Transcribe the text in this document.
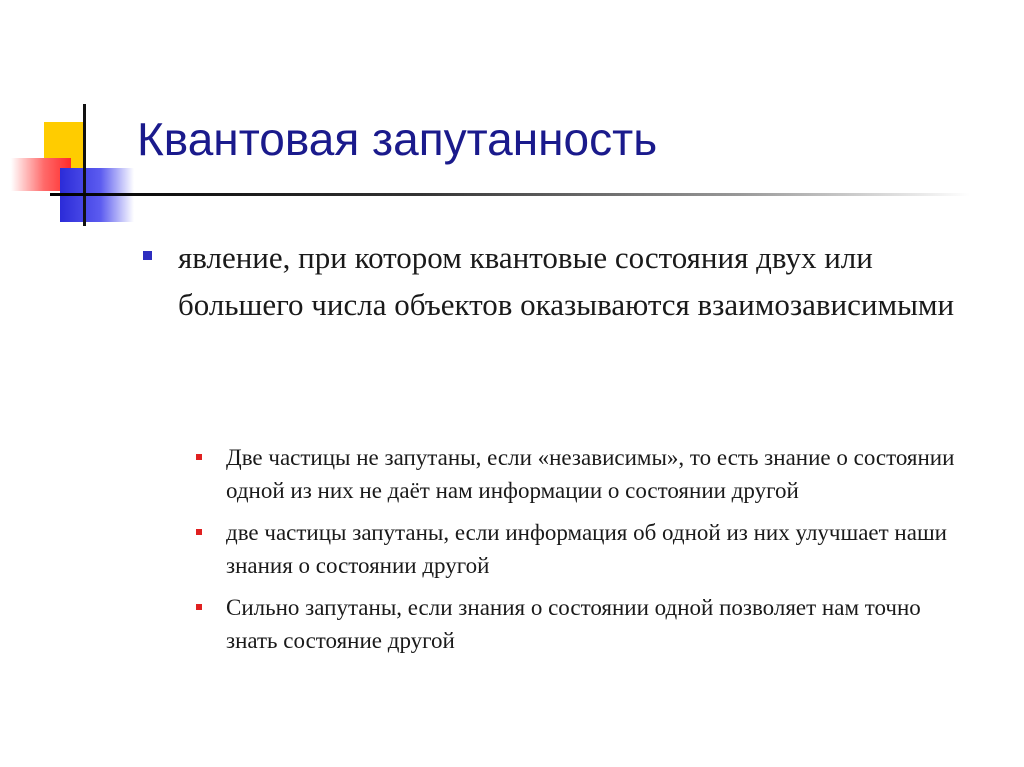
Квантовая запутанность
явление, при котором квантовые состояния двух или большего числа объектов оказываются взаимозависимыми
Две частицы не запутаны, если «независимы», то есть знание о состоянии одной из них не даёт нам информации о состоянии другой
две частицы запутаны, если информация об одной из них улучшает наши знания о состоянии другой
Сильно запутаны, если знания о состоянии одной позволяет нам точно знать состояние другой
